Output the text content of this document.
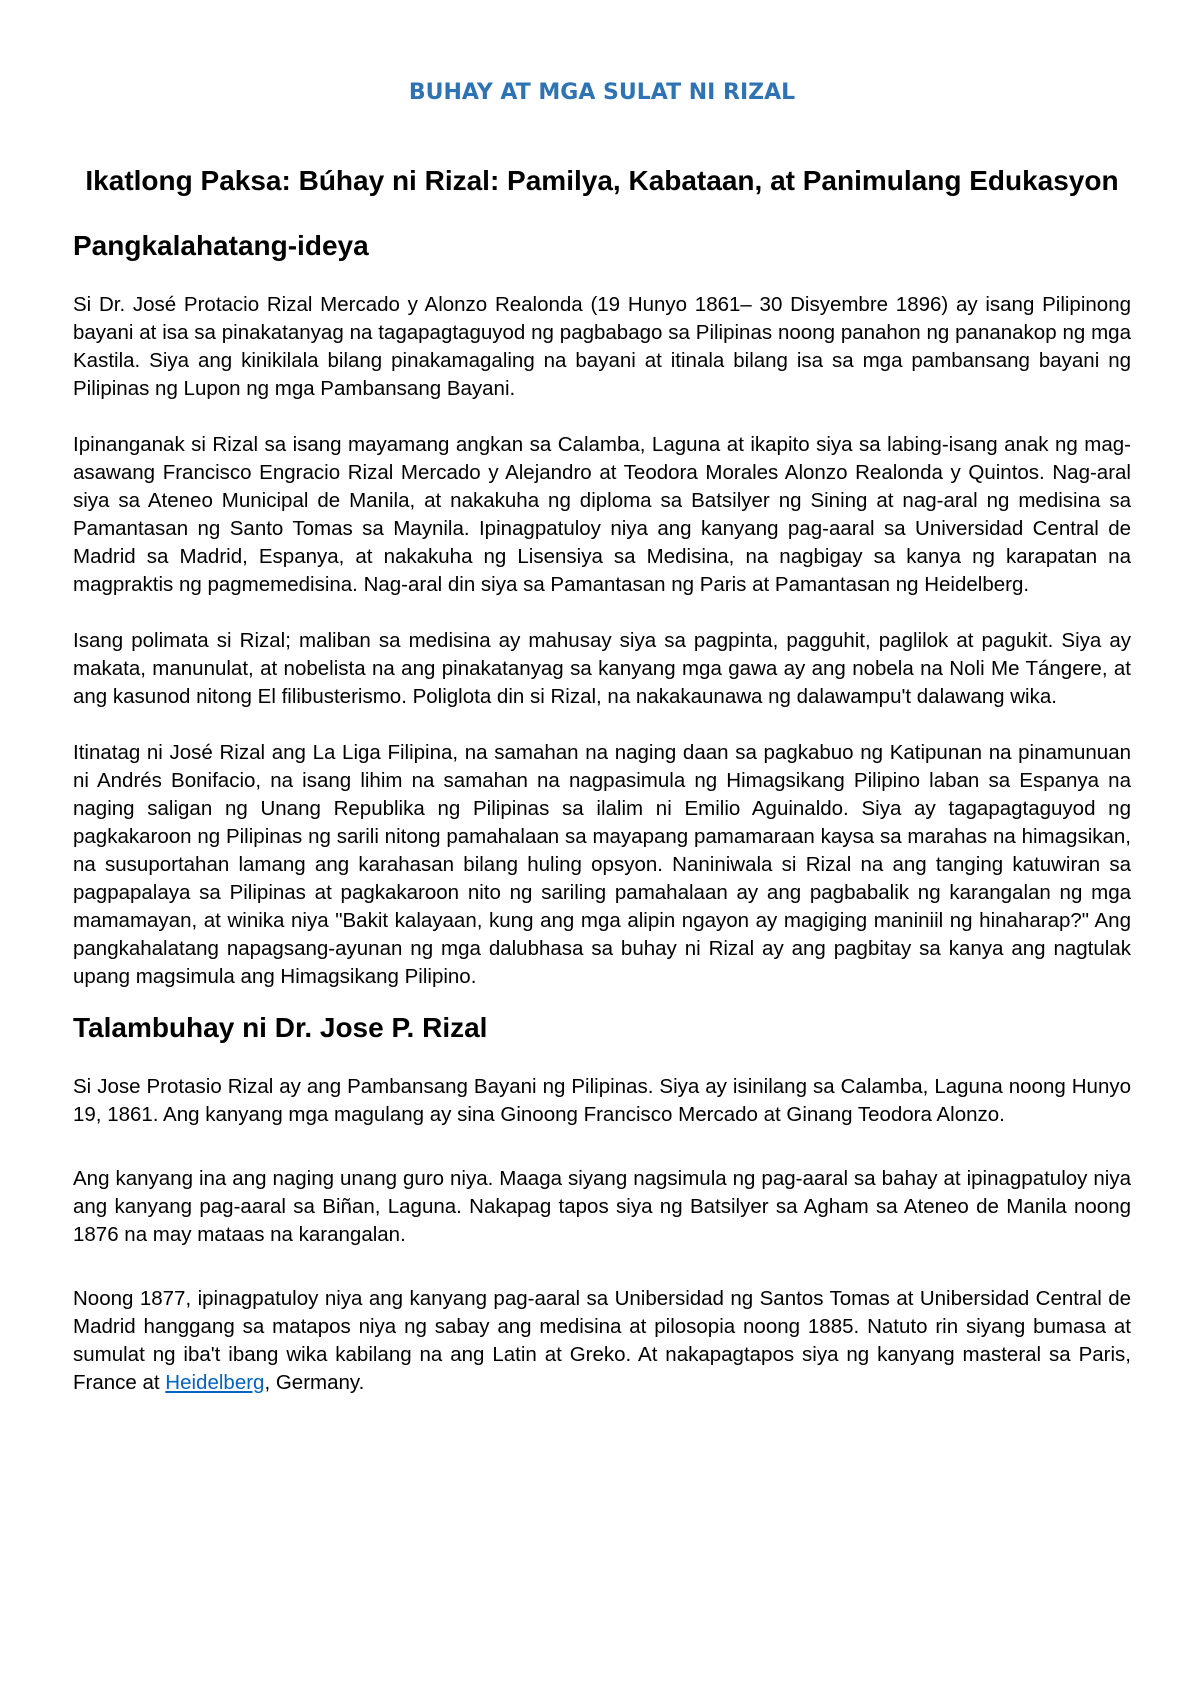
BUHAY AT MGA SULAT NI RIZAL
Ikatlong Paksa: Búhay ni Rizal: Pamilya, Kabataan, at Panimulang Edukasyon
Pangkalahatang-ideya

Si Dr. José Protacio Rizal Mercado y Alonzo Realonda (19 Hunyo 1861– 30 Disyembre 1896) ay isang Pilipinong bayani at isa sa pinakatanyag na tagapagtaguyod ng pagbabago sa Pilipinas noong panahon ng pananakop ng mga Kastila. Siya ang kinikilala bilang pinakamagaling na bayani at itinala bilang isa sa mga pambansang bayani ng Pilipinas ng Lupon ng mga Pambansang Bayani.

Ipinanganak si Rizal sa isang mayamang angkan sa Calamba, Laguna at ikapito siya sa labing-isang anak ng mag-asawang Francisco Engracio Rizal Mercado y Alejandro at Teodora Morales Alonzo Realonda y Quintos. Nag-aral siya sa Ateneo Municipal de Manila, at nakakuha ng diploma sa Batsilyer ng Sining at nag-aral ng medisina sa Pamantasan ng Santo Tomas sa Maynila. Ipinagpatuloy niya ang kanyang pag-aaral sa Universidad Central de Madrid sa Madrid, Espanya, at nakakuha ng Lisensiya sa Medisina, na nagbigay sa kanya ng karapatan na magpraktis ng pagmemedisina. Nag-aral din siya sa Pamantasan ng Paris at Pamantasan ng Heidelberg.

Isang polimata si Rizal; maliban sa medisina ay mahusay siya sa pagpinta, pagguhit, paglilok at pagukit. Siya ay makata, manunulat, at nobelista na ang pinakatanyag sa kanyang mga gawa ay ang nobela na Noli Me Tángere, at ang kasunod nitong El filibusterismo. Poliglota din si Rizal, na nakakaunawa ng dalawampu't dalawang wika.

Itinatag ni José Rizal ang La Liga Filipina, na samahan na naging daan sa pagkabuo ng Katipunan na pinamunuan ni Andrés Bonifacio, na isang lihim na samahan na nagpasimula ng Himagsikang Pilipino laban sa Espanya na naging saligan ng Unang Republika ng Pilipinas sa ilalim ni Emilio Aguinaldo. Siya ay tagapagtaguyod ng pagkakaroon ng Pilipinas ng sarili nitong pamahalaan sa mayapang pamamaraan kaysa sa marahas na himagsikan, na susuportahan lamang ang karahasan bilang huling opsyon. Naniniwala si Rizal na ang tanging katuwiran sa pagpapalaya sa Pilipinas at pagkakaroon nito ng sariling pamahalaan ay ang pagbabalik ng karangalan ng mga mamamayan, at winika niya "Bakit kalayaan, kung ang mga alipin ngayon ay magiging maniniil ng hinaharap?" Ang pangkahalatang napagsang-ayunan ng mga dalubhasa sa buhay ni Rizal ay ang pagbitay sa kanya ang nagtulak upang magsimula ang Himagsikang Pilipino.

Talambuhay ni Dr. Jose P. Rizal

Si Jose Protasio Rizal ay ang Pambansang Bayani ng Pilipinas. Siya ay isinilang sa Calamba, Laguna noong Hunyo 19, 1861. Ang kanyang mga magulang ay sina Ginoong Francisco Mercado at Ginang Teodora Alonzo.

Ang kanyang ina ang naging unang guro niya. Maaga siyang nagsimula ng pag-aaral sa bahay at ipinagpatuloy niya ang kanyang pag-aaral sa Biñan, Laguna. Nakapag tapos siya ng Batsilyer sa Agham sa Ateneo de Manila noong 1876 na may mataas na karangalan.

Noong 1877, ipinagpatuloy niya ang kanyang pag-aaral sa Unibersidad ng Santos Tomas at Unibersidad Central de Madrid hanggang sa matapos niya ng sabay ang medisina at pilosopia noong 1885. Natuto rin siyang bumasa at sumulat ng iba't ibang wika kabilang na ang Latin at Greko. At nakapagtapos siya ng kanyang masteral sa Paris, France at Heidelberg, Germany.
